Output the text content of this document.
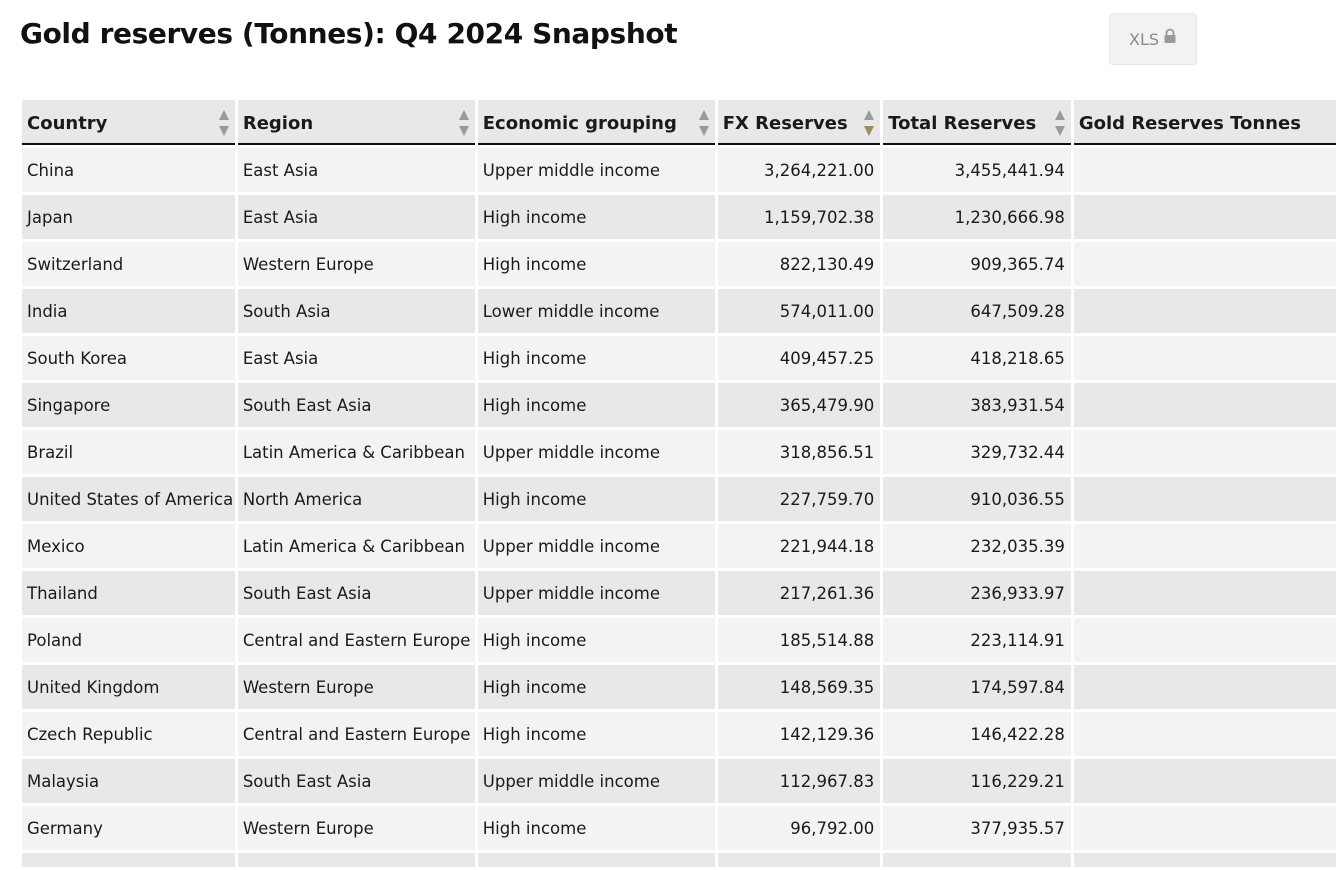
Gold reserves (Tonnes): Q4 2024 Snapshot	XLS
Country	Region	Economic grouping	FX Reserves	Total Reserves	Gold Reserves Tonnes
China	East Asia	Upper middle income	3,264,221.00	3,455,441.94	
Japan	East Asia	High income	1,159,702.38	1,230,666.98	
Switzerland	Western Europe	High income	822,130.49	909,365.74	
India	South Asia	Lower middle income	574,011.00	647,509.28	
South Korea	East Asia	High income	409,457.25	418,218.65	
Singapore	South East Asia	High income	365,479.90	383,931.54	
Brazil	Latin America & Caribbean	Upper middle income	318,856.51	329,732.44	
United States of America	North America	High income	227,759.70	910,036.55	
Mexico	Latin America & Caribbean	Upper middle income	221,944.18	232,035.39	
Thailand	South East Asia	Upper middle income	217,261.36	236,933.97	
Poland	Central and Eastern Europe	High income	185,514.88	223,114.91	
United Kingdom	Western Europe	High income	148,569.35	174,597.84	
Czech Republic	Central and Eastern Europe	High income	142,129.36	146,422.28	
Malaysia	South East Asia	Upper middle income	112,967.83	116,229.21	
Germany	Western Europe	High income	96,792.00	377,935.57	
